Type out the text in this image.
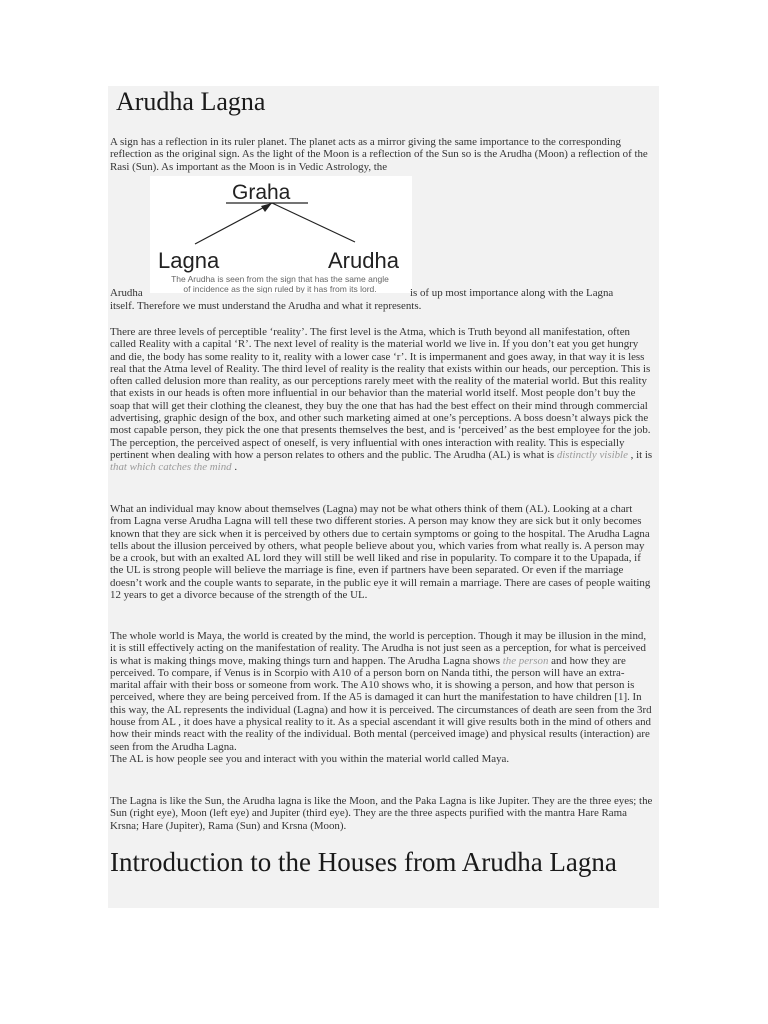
Arudha Lagna

A sign has a reflection in its ruler planet. The planet acts as a mirror giving the same importance to the corresponding reflection as the original sign. As the light of the Moon is a reflection of the Sun so is the Arudha (Moon) a reflection of the Rasi (Sun). As important as the Moon is in Vedic Astrology, the

Graha
Lagna	Arudha
The Arudha is seen from the sign that has the same angle
of incidence as the sign ruled by it has from its lord.
Arudha	is of up most importance along with the Lagna

itself. Therefore we must understand the Arudha and what it represents.

There are three levels of perceptible ‘reality’. The first level is the Atma, which is Truth beyond all manifestation, often called Reality with a capital ‘R’. The next level of reality is the material world we live in. If you don’t eat you get hungry and die, the body has some reality to it, reality with a lower case ‘r’. It is impermanent and goes away, in that way it is less real that the Atma level of Reality. The third level of reality is the reality that exists within our heads, our perception. This is often called delusion more than reality, as our perceptions rarely meet with the reality of the material world. But this reality that exists in our heads is often more influential in our behavior than the material world itself. Most people don’t buy the soap that will get their clothing the cleanest, they buy the one that has had the best effect on their mind through commercial advertising, graphic design of the box, and other such marketing aimed at one’s perceptions. A boss doesn’t always pick the most capable person, they pick the one that presents themselves the best, and is ‘perceived’ as the best employee for the job. The perception, the perceived aspect of oneself, is very influential with ones interaction with reality. This is especially pertinent when dealing with how a person relates to others and the public. The Arudha (AL) is what is distinctly visible , it is that which catches the mind .

What an individual may know about themselves (Lagna) may not be what others think of them (AL). Looking at a chart from Lagna verse Arudha Lagna will tell these two different stories. A person may know they are sick but it only becomes known that they are sick when it is perceived by others due to certain symptoms or going to the hospital. The Arudha Lagna tells about the illusion perceived by others, what people believe about you, which varies from what really is. A person may be a crook, but with an exalted AL lord they will still be well liked and rise in popularity. To compare it to the Upapada, if the UL is strong people will believe the marriage is fine, even if partners have been separated. Or even if the marriage doesn’t work and the couple wants to separate, in the public eye it will remain a marriage. There are cases of people waiting 12 years to get a divorce because of the strength of the UL.

The whole world is Maya, the world is created by the mind, the world is perception. Though it may be illusion in the mind, it is still effectively acting on the manifestation of reality. The Arudha is not just seen as a perception, for what is perceived is what is making things move, making things turn and happen. The Arudha Lagna shows the person and how they are perceived. To compare, if Venus is in Scorpio with A10 of a person born on Nanda tithi, the person will have an extra-marital affair with their boss or someone from work. The A10 shows who, it is showing a person, and how that person is perceived, where they are being perceived from. If the A5 is damaged it can hurt the manifestation to have children [1]. In this way, the AL represents the individual (Lagna) and how it is perceived. The circumstances of death are seen from the 3rd house from AL , it does have a physical reality to it. As a special ascendant it will give results both in the mind of others and how their minds react with the reality of the individual. Both mental (perceived image) and physical results (interaction) are seen from the Arudha Lagna.
The AL is how people see you and interact with you within the material world called Maya.

The Lagna is like the Sun, the Arudha lagna is like the Moon, and the Paka Lagna is like Jupiter. They are the three eyes; the Sun (right eye), Moon (left eye) and Jupiter (third eye). They are the three aspects purified with the mantra Hare Rama Krsna; Hare (Jupiter), Rama (Sun) and Krsna (Moon).

Introduction to the Houses from Arudha Lagna
